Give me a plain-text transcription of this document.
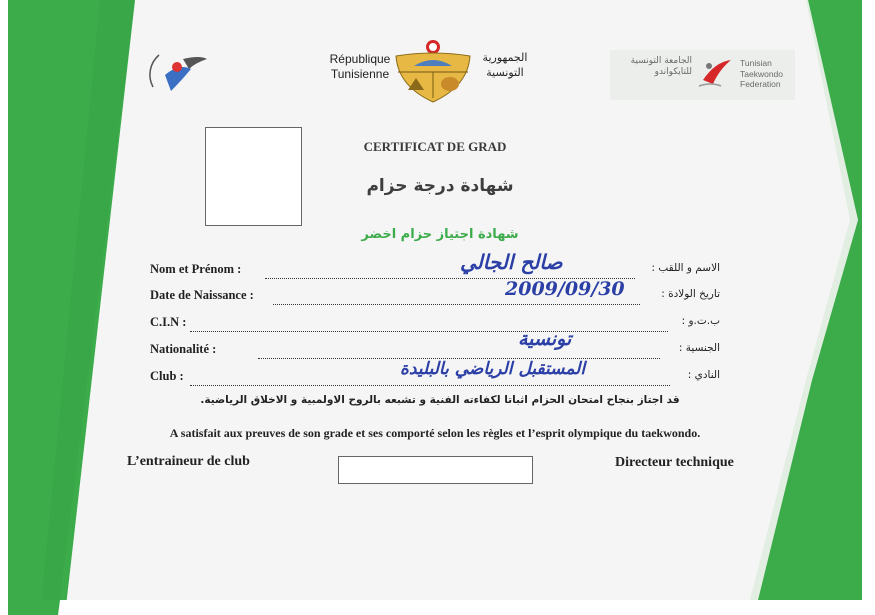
République Tunisienne
الجمهورية التونسية
الجامعة التونسية للتايكواندو
Tunisian Taekwondo Federation
CERTIFICAT DE GRAD
شهادة درجة حزام
شهادة اجتياز حزام اخضر
Nom et Prénom :	الاسم و اللقب :
صالح الجالي
Date de Naissance :	تاريخ الولادة :
2009/09/30
C.I.N :	ب.ت.و :
Nationalité :	الجنسية :
تونسية
Club :	النادي :
المستقبل الرياضي بالبليدة
قد اجتاز بنجاح امتحان الحزام اثباتا لكفاءته الفنية و تشبعه بالروح الاولمبية و الاخلاق الرياضية.
A satisfait aux preuves de son grade et ses comporté selon les règles et l’esprit olympique du taekwondo.
L’entraineur de club	Directeur technique
